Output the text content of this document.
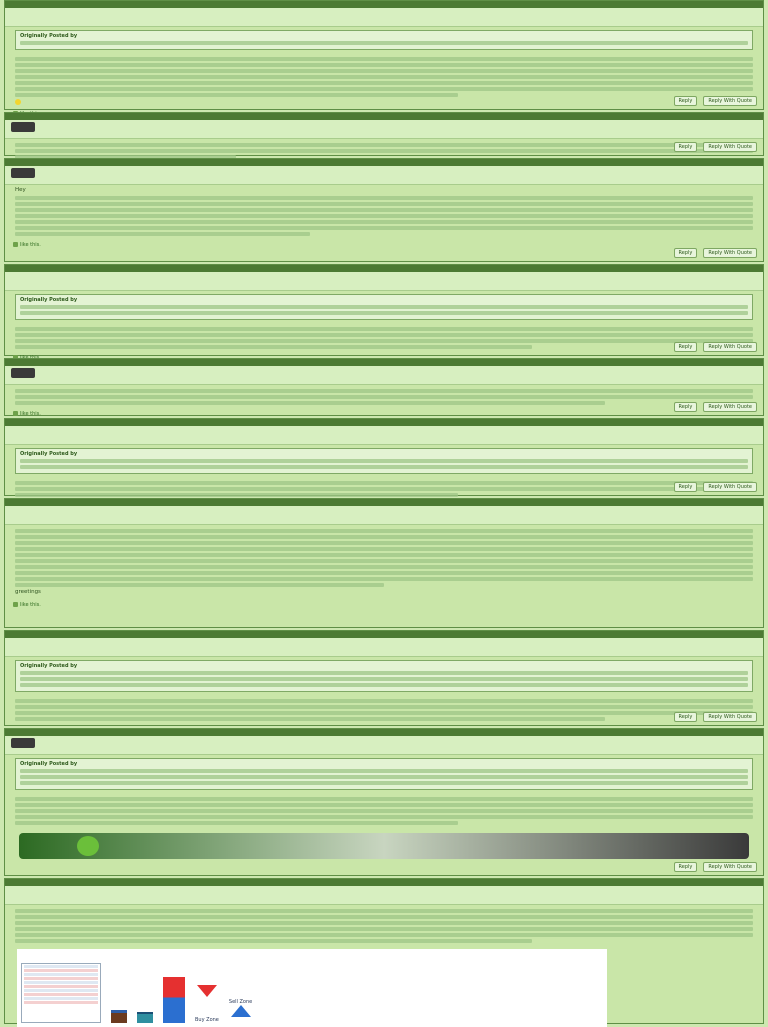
Originally Posted by
Reply	Reply With Quote
Reply	Reply With Quote

Hey

like this.
Reply	Reply With Quote
Originally Posted by
Reply	Reply With Quote
like this.
Reply	Reply With Quote
Originally Posted by
Reply	Reply With Quote

greetings

like this.
Originally Posted by
Reply	Reply With Quote
Originally Posted by
Reply	Reply With Quote
Buy Zone
Sell Zone
